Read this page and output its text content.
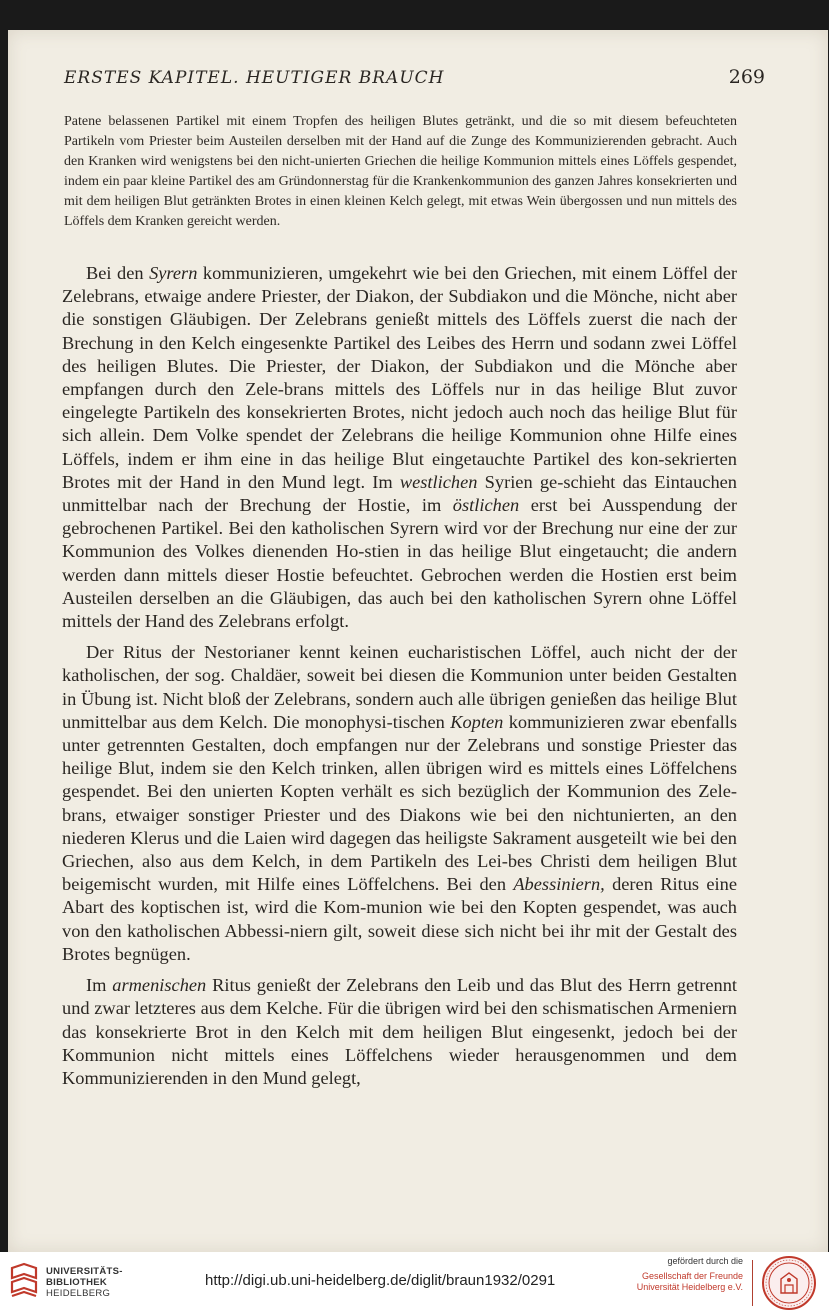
ERSTES KAPITEL. HEUTIGER BRAUCH	269

Patene belassenen Partikel mit einem Tropfen des heiligen Blutes getränkt, und die so mit diesem befeuchteten Partikeln vom Priester beim Austeilen derselben mit der Hand auf die Zunge des Kommunizierenden gebracht. Auch den Kranken wird wenigstens bei den nicht-unierten Griechen die heilige Kommunion mittels eines Löffels gespendet, indem ein paar kleine Partikel des am Gründonnerstag für die Krankenkommunion des ganzen Jahres konsekrierten und mit dem heiligen Blut getränkten Brotes in einen kleinen Kelch gelegt, mit etwas Wein übergossen und nun mittels des Löffels dem Kranken gereicht werden.

Bei den Syrern kommunizieren, umgekehrt wie bei den Griechen, mit einem Löffel der Zelebrans, etwaige andere Priester, der Diakon, der Subdiakon und die Mönche, nicht aber die sonstigen Gläubigen. Der Zelebrans genießt mittels des Löffels zuerst die nach der Brechung in den Kelch eingesenkte Partikel des Leibes des Herrn und sodann zwei Löffel des heiligen Blutes. Die Priester, der Diakon, der Subdiakon und die Mönche aber empfangen durch den Zele-brans mittels des Löffels nur in das heilige Blut zuvor eingelegte Partikeln des konsekrierten Brotes, nicht jedoch auch noch das heilige Blut für sich allein. Dem Volke spendet der Zelebrans die heilige Kommunion ohne Hilfe eines Löffels, indem er ihm eine in das heilige Blut eingetauchte Partikel des kon-sekrierten Brotes mit der Hand in den Mund legt. Im westlichen Syrien ge-schieht das Eintauchen unmittelbar nach der Brechung der Hostie, im östlichen erst bei Ausspendung der gebrochenen Partikel. Bei den katholischen Syrern wird vor der Brechung nur eine der zur Kommunion des Volkes dienenden Ho-stien in das heilige Blut eingetaucht; die andern werden dann mittels dieser Hostie befeuchtet. Gebrochen werden die Hostien erst beim Austeilen derselben an die Gläubigen, das auch bei den katholischen Syrern ohne Löffel mittels der Hand des Zelebrans erfolgt.

Der Ritus der Nestorianer kennt keinen eucharistischen Löffel, auch nicht der der katholischen, der sog. Chaldäer, soweit bei diesen die Kommunion unter beiden Gestalten in Übung ist. Nicht bloß der Zelebrans, sondern auch alle übrigen genießen das heilige Blut unmittelbar aus dem Kelch. Die monophysi-tischen Kopten kommunizieren zwar ebenfalls unter getrennten Gestalten, doch empfangen nur der Zelebrans und sonstige Priester das heilige Blut, indem sie den Kelch trinken, allen übrigen wird es mittels eines Löffelchens gespendet. Bei den unierten Kopten verhält es sich bezüglich der Kommunion des Zele-brans, etwaiger sonstiger Priester und des Diakons wie bei den nichtunierten, an den niederen Klerus und die Laien wird dagegen das heiligste Sakrament ausgeteilt wie bei den Griechen, also aus dem Kelch, in dem Partikeln des Lei-bes Christi dem heiligen Blut beigemischt wurden, mit Hilfe eines Löffelchens. Bei den Abessiniern, deren Ritus eine Abart des koptischen ist, wird die Kom-munion wie bei den Kopten gespendet, was auch von den katholischen Abbessi-niern gilt, soweit diese sich nicht bei ihr mit der Gestalt des Brotes begnügen.

Im armenischen Ritus genießt der Zelebrans den Leib und das Blut des Herrn getrennt und zwar letzteres aus dem Kelche. Für die übrigen wird bei den schismatischen Armeniern das konsekrierte Brot in den Kelch mit dem heiligen Blut eingesenkt, jedoch bei der Kommunion nicht mittels eines Löffelchens wieder herausgenommen und dem Kommunizierenden in den Mund gelegt,

UNIVERSITÄTS-
BIBLIOTHEK
HEIDELBERG
http://digi.ub.uni-heidelberg.de/diglit/braun1932/0291
gefördert durch die
Gesellschaft der Freunde
Universität Heidelberg e.V.
